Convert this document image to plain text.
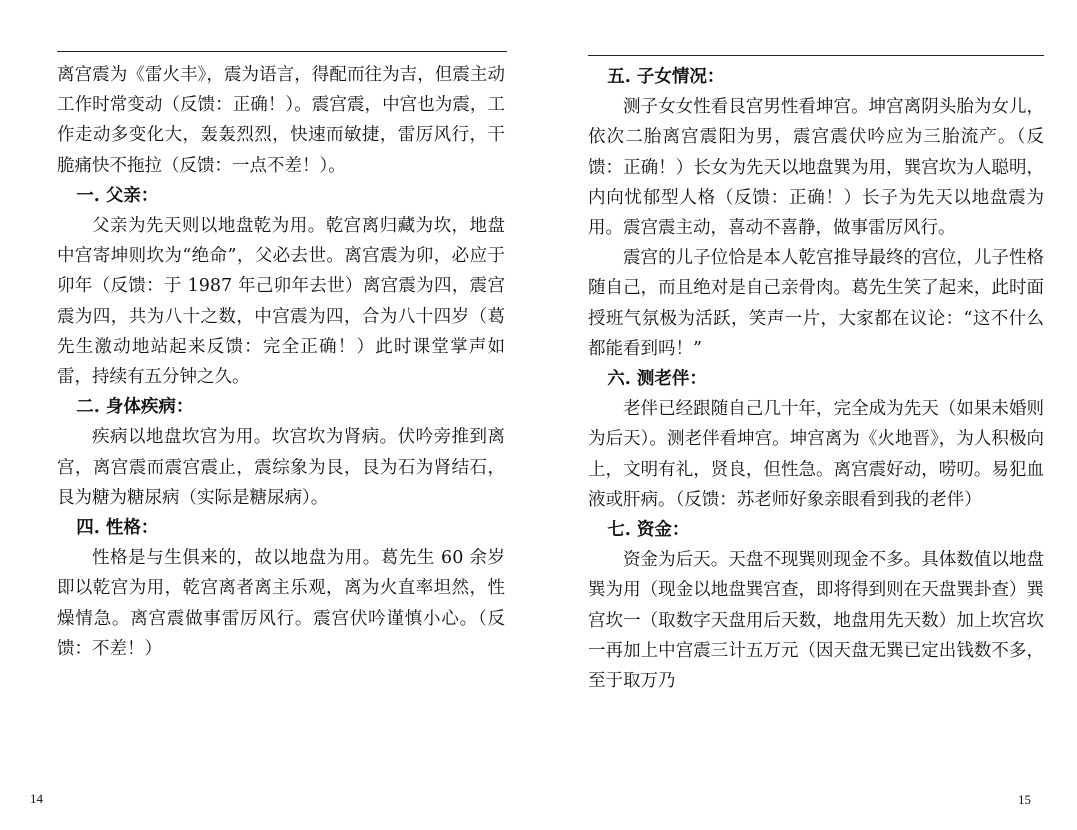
离宫震为《雷火丰》，震为语言，得配而往为吉，但震主动工作时常变动（反馈：正确！）。震宫震，中宫也为震，工作走动多变化大，轰轰烈烈，快速而敏捷，雷厉风行，干脆痛快不拖拉（反馈：一点不差！）。

一. 父亲：

父亲为先天则以地盘乾为用。乾宫离归藏为坎，地盘中宫寄坤则坎为“绝命”，父必去世。离宫震为卯，必应于卯年（反馈：于 1987 年己卯年去世）离宫震为四，震宫震为四，共为八十之数，中宫震为四，合为八十四岁（葛先生激动地站起来反馈：完全正确！）此时课堂掌声如雷，持续有五分钟之久。

二. 身体疾病：

疾病以地盘坎宫为用。坎宫坎为肾病。伏吟旁推到离宫，离宫震而震宫震止，震综象为艮，艮为石为肾结石，艮为糖为糖尿病（实际是糖尿病）。

四. 性格：

性格是与生俱来的，故以地盘为用。葛先生 60 余岁即以乾宫为用，乾宫离者离主乐观，离为火直率坦然，性燥情急。离宫震做事雷厉风行。震宫伏吟谨慎小心。（反馈：不差！）

14
五. 子女情况：

测子女女性看艮宫男性看坤宫。坤宫离阴头胎为女儿，依次二胎离宫震阳为男，震宫震伏吟应为三胎流产。（反馈：正确！）长女为先天以地盘巽为用，巽宫坎为人聪明，内向忧郁型人格（反馈：正确！）长子为先天以地盘震为用。震宫震主动，喜动不喜静，做事雷厉风行。

震宫的儿子位恰是本人乾宫推导最终的宫位，儿子性格随自己，而且绝对是自己亲骨肉。葛先生笑了起来，此时面授班气氛极为活跃，笑声一片，大家都在议论：“这不什么都能看到吗！”

六. 测老伴：

老伴已经跟随自己几十年，完全成为先天（如果未婚则为后天）。测老伴看坤宫。坤宫离为《火地晋》，为人积极向上，文明有礼，贤良，但性急。离宫震好动，唠叨。易犯血液或肝病。（反馈：苏老师好象亲眼看到我的老伴）

七. 资金：

资金为后天。天盘不现巽则现金不多。具体数值以地盘巽为用（现金以地盘巽宫查，即将得到则在天盘巽卦查）巽宫坎一（取数字天盘用后天数，地盘用先天数）加上坎宫坎一再加上中宫震三计五万元（因天盘无巽已定出钱数不多，至于取万乃

15
